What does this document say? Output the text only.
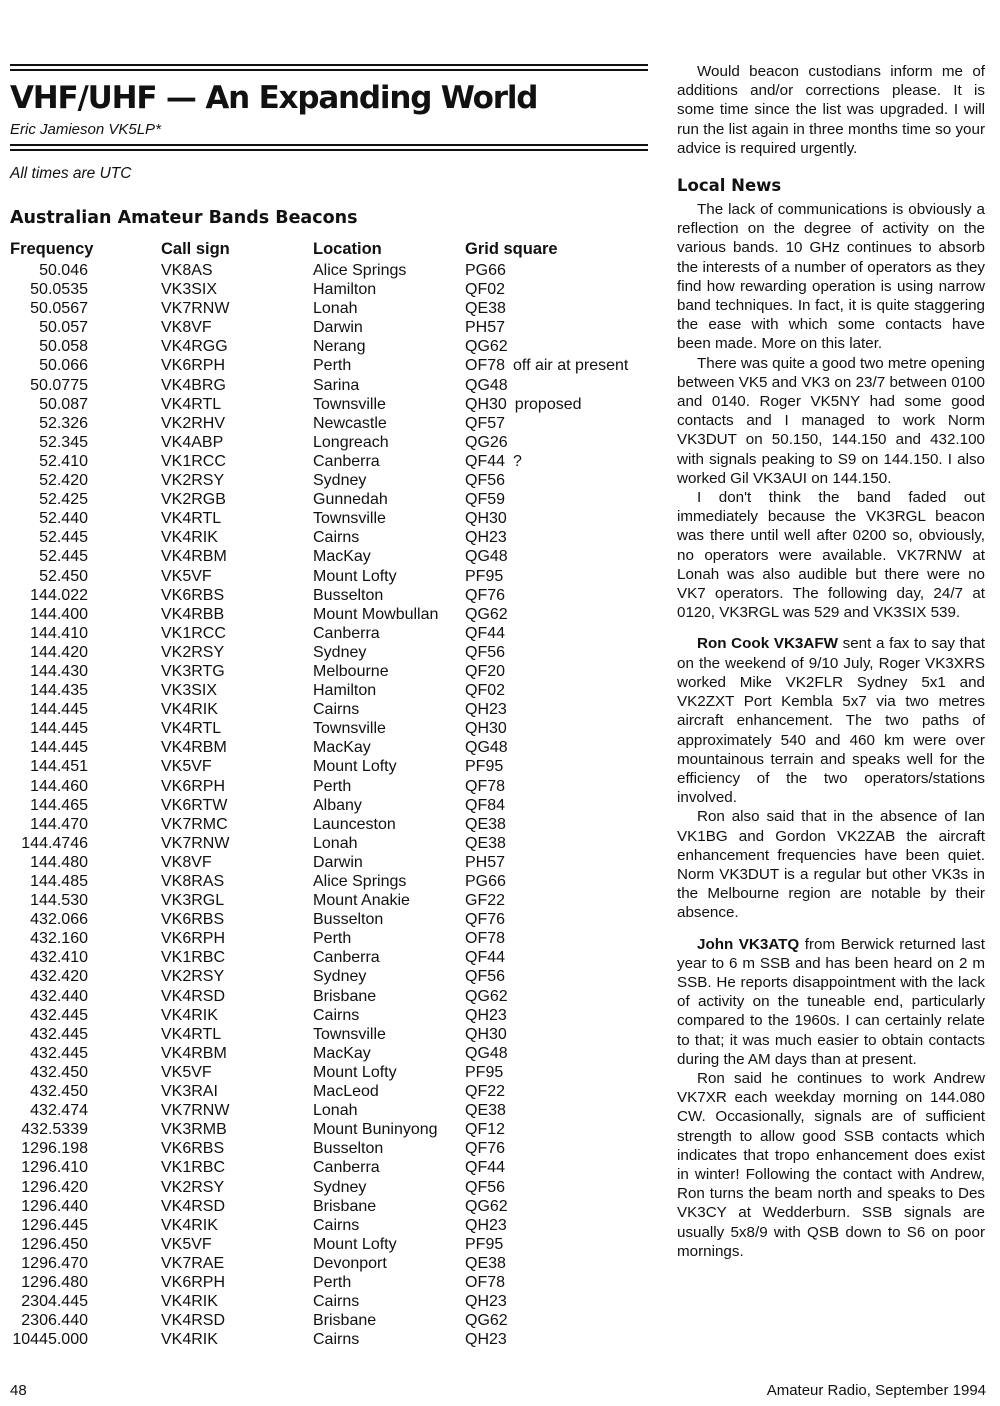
VHF/UHF — An Expanding World
Eric Jamieson VK5LP*
All times are UTC
Australian Amateur Bands Beacons
Frequency	Call sign	Location	Grid square
50.046	VK8AS	Alice Springs	PG66
50.0535	VK3SIX	Hamilton	QF02
50.0567	VK7RNW	Lonah	QE38
50.057	VK8VF	Darwin	PH57
50.058	VK4RGG	Nerang	QG62
50.066	VK6RPH	Perth	OF78 off air at present
50.0775	VK4BRG	Sarina	QG48
50.087	VK4RTL	Townsville	QH30 proposed
52.326	VK2RHV	Newcastle	QF57
52.345	VK4ABP	Longreach	QG26
52.410	VK1RCC	Canberra	QF44 ?
52.420	VK2RSY	Sydney	QF56
52.425	VK2RGB	Gunnedah	QF59
52.440	VK4RTL	Townsville	QH30
52.445	VK4RIK	Cairns	QH23
52.445	VK4RBM	MacKay	QG48
52.450	VK5VF	Mount Lofty	PF95
144.022	VK6RBS	Busselton	QF76
144.400	VK4RBB	Mount Mowbullan QG62
144.410	VK1RCC	Canberra	QF44
144.420	VK2RSY	Sydney	QF56
144.430	VK3RTG	Melbourne	QF20
144.435	VK3SIX	Hamilton	QF02
144.445	VK4RIK	Cairns	QH23
144.445	VK4RTL	Townsville	QH30
144.445	VK4RBM	MacKay	QG48
144.451	VK5VF	Mount Lofty	PF95
144.460	VK6RPH	Perth	QF78
144.465	VK6RTW	Albany	QF84
144.470	VK7RMC	Launceston	QE38
144.4746	VK7RNW	Lonah	QE38
144.480	VK8VF	Darwin	PH57
144.485	VK8RAS	Alice Springs	PG66
144.530	VK3RGL	Mount Anakie	GF22
432.066	VK6RBS	Busselton	QF76
432.160	VK6RPH	Perth	OF78
432.410	VK1RBC	Canberra	QF44
432.420	VK2RSY	Sydney	QF56
432.440	VK4RSD	Brisbane	QG62
432.445	VK4RIK	Cairns	QH23
432.445	VK4RTL	Townsville	QH30
432.445	VK4RBM	MacKay	QG48
432.450	VK5VF	Mount Lofty	PF95
432.450	VK3RAI	MacLeod	QF22
432.474	VK7RNW	Lonah	QE38
432.5339	VK3RMB	Mount Buninyong QF12
1296.198	VK6RBS	Busselton	QF76
1296.410	VK1RBC	Canberra	QF44
1296.420	VK2RSY	Sydney	QF56
1296.440	VK4RSD	Brisbane	QG62
1296.445	VK4RIK	Cairns	QH23
1296.450	VK5VF	Mount Lofty	PF95
1296.470	VK7RAE	Devonport	QE38
1296.480	VK6RPH	Perth	OF78
2304.445	VK4RIK	Cairns	QH23
2306.440	VK4RSD	Brisbane	QG62
10445.000	VK4RIK	Cairns	QH23

Would beacon custodians inform me of additions and/or corrections please. It is some time since the list was upgraded. I will run the list again in three months time so your advice is required urgently.

Local News

The lack of communications is obviously a reflection on the degree of activity on the various bands. 10 GHz continues to absorb the interests of a number of operators as they find how rewarding operation is using narrow band techniques. In fact, it is quite staggering the ease with which some contacts have been made. More on this later.

There was quite a good two metre opening between VK5 and VK3 on 23/7 between 0100 and 0140. Roger VK5NY had some good contacts and I managed to work Norm VK3DUT on 50.150, 144.150 and 432.100 with signals peaking to S9 on 144.150. I also worked Gil VK3AUI on 144.150.

I don't think the band faded out immediately because the VK3RGL beacon was there until well after 0200 so, obviously, no operators were available. VK7RNW at Lonah was also audible but there were no VK7 operators. The following day, 24/7 at 0120, VK3RGL was 529 and VK3SIX 539.

Ron Cook VK3AFW sent a fax to say that on the weekend of 9/10 July, Roger VK3XRS worked Mike VK2FLR Sydney 5x1 and VK2ZXT Port Kembla 5x7 via two metres aircraft enhancement. The two paths of approximately 540 and 460 km were over mountainous terrain and speaks well for the efficiency of the two operators/stations involved.

Ron also said that in the absence of Ian VK1BG and Gordon VK2ZAB the aircraft enhancement frequencies have been quiet. Norm VK3DUT is a regular but other VK3s in the Melbourne region are notable by their absence.

John VK3ATQ from Berwick returned last year to 6 m SSB and has been heard on 2 m SSB. He reports disappointment with the lack of activity on the tuneable end, particularly compared to the 1960s. I can certainly relate to that; it was much easier to obtain contacts during the AM days than at present.

Ron said he continues to work Andrew VK7XR each weekday morning on 144.080 CW. Occasionally, signals are of sufficient strength to allow good SSB contacts which indicates that tropo enhancement does exist in winter! Following the contact with Andrew, Ron turns the beam north and speaks to Des VK3CY at Wedderburn. SSB signals are usually 5x8/9 with QSB down to S6 on poor mornings.

48	Amateur Radio, September 1994
